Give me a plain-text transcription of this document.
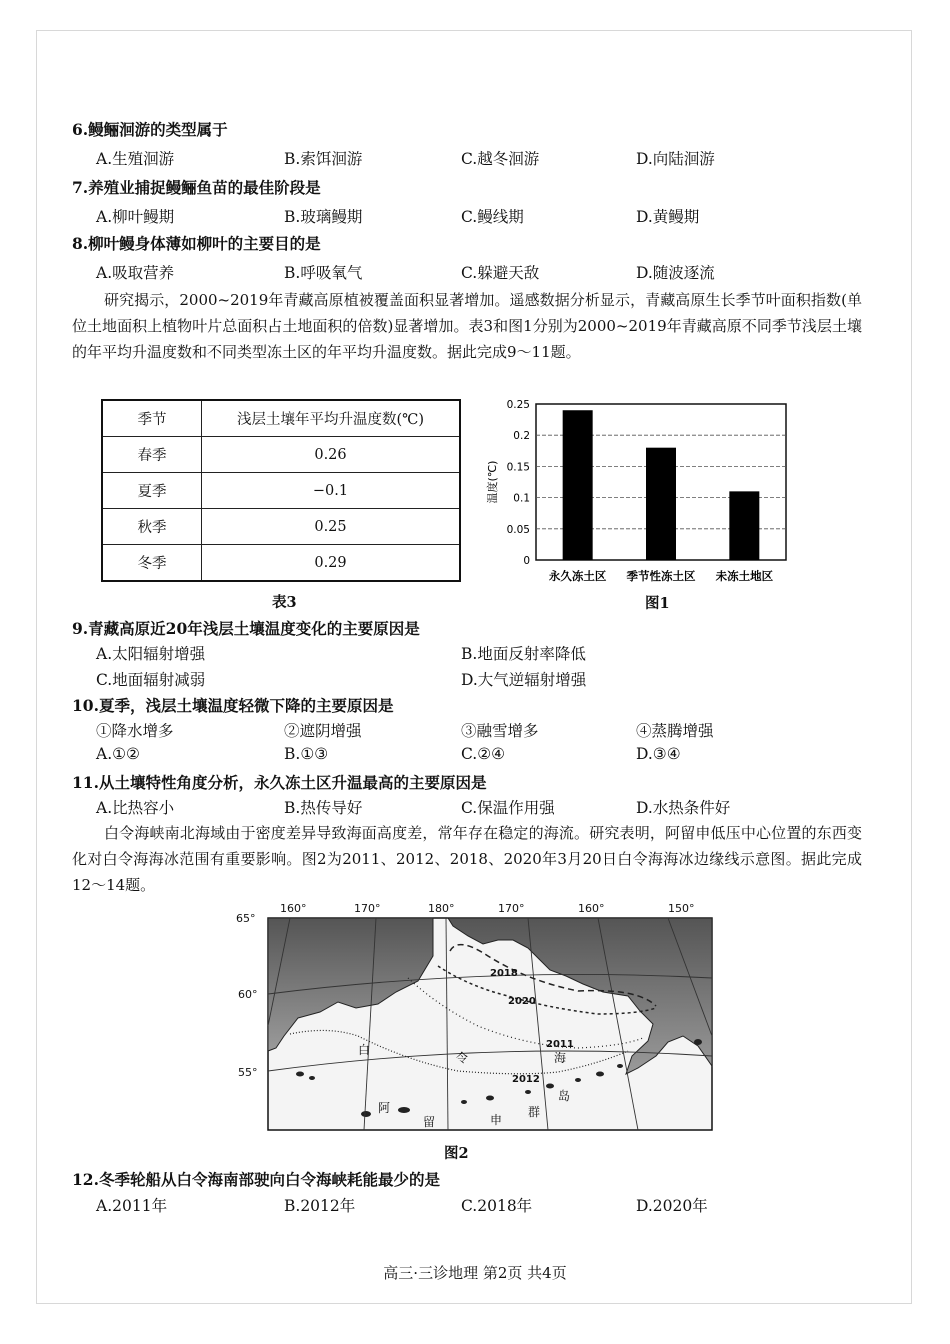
6.鳗鲡洄游的类型属于
A.生殖洄游	B.索饵洄游	C.越冬洄游	D.向陆洄游
7.养殖业捕捉鳗鲡鱼苗的最佳阶段是
A.柳叶鳗期	B.玻璃鳗期	C.鳗线期	D.黄鳗期
8.柳叶鳗身体薄如柳叶的主要目的是
A.吸取营养	B.呼吸氧气	C.躲避天敌	D.随波逐流

研究揭示，2000~2019年青藏高原植被覆盖面积显著增加。遥感数据分析显示，青藏高原生长季节叶面积指数(单位土地面积上植物叶片总面积占土地面积的倍数)显著增加。表3和图1分别为2000~2019年青藏高原不同季节浅层土壤的年平均升温度数和不同类型冻土区的年平均升温度数。据此完成9～11题。

季节	浅层土壤年平均升温度数(℃)
春季	0.26
夏季	−0.1
秋季	0.25
冬季	0.29
表3
0
0.05
0.1
0.15
0.2
0.25
永久冻土区 季节性冻土区 未冻土地区
温度(℃)
图1
9.青藏高原近20年浅层土壤温度变化的主要原因是
A.太阳辐射增强	B.地面反射率降低
C.地面辐射减弱	D.大气逆辐射增强
10.夏季，浅层土壤温度轻微下降的主要原因是
①降水增多	②遮阴增强	③融雪增多	④蒸腾增强
A.①②	B.①③	C.②④	D.③④
11.从土壤特性角度分析，永久冻土区升温最高的主要原因是
A.比热容小	B.热传导好	C.保温作用强	D.水热条件好

白令海峡南北海域由于密度差异导致海面高度差，常年存在稳定的海流。研究表明，阿留申低压中心位置的东西变化对白令海海冰范围有重要影响。图2为2011、2012、2018、2020年3月20日白令海海冰边缘线示意图。据此完成12～14题。

2018
2020
2011
2012
白
令	海
阿
留	申
群
岛
160°	170°	180°	170°	160°	150°
65°
60°
55°
图2
12.冬季轮船从白令海南部驶向白令海峡耗能最少的是
A.2011年	B.2012年	C.2018年	D.2020年
高三·三诊地理 第2页 共4页
